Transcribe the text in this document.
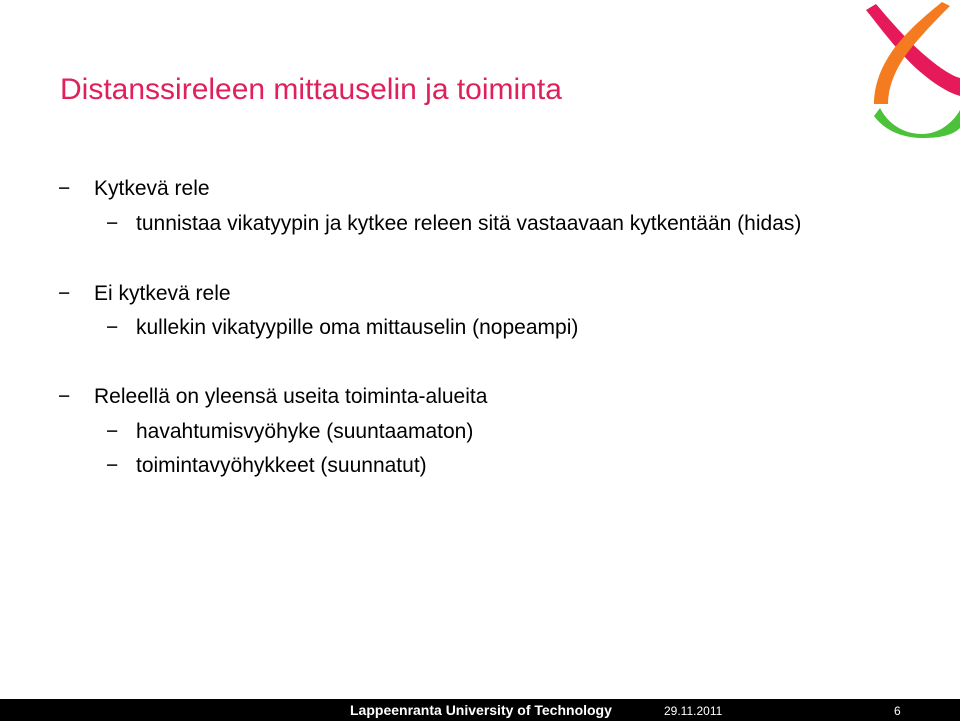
Distanssireleen mittauselin ja toiminta
−	Kytkevä rele
− tunnistaa vikatyypin ja kytkee releen sitä vastaavaan kytkentään (hidas)
−	Ei kytkevä rele
− kullekin vikatyypille oma mittauselin (nopeampi)
−	Releellä on yleensä useita toiminta-alueita
− havahtumisvyöhyke (suuntaamaton)
− toimintavyöhykkeet (suunnatut)
Lappeenranta University of Technology	29.11.2011	6
